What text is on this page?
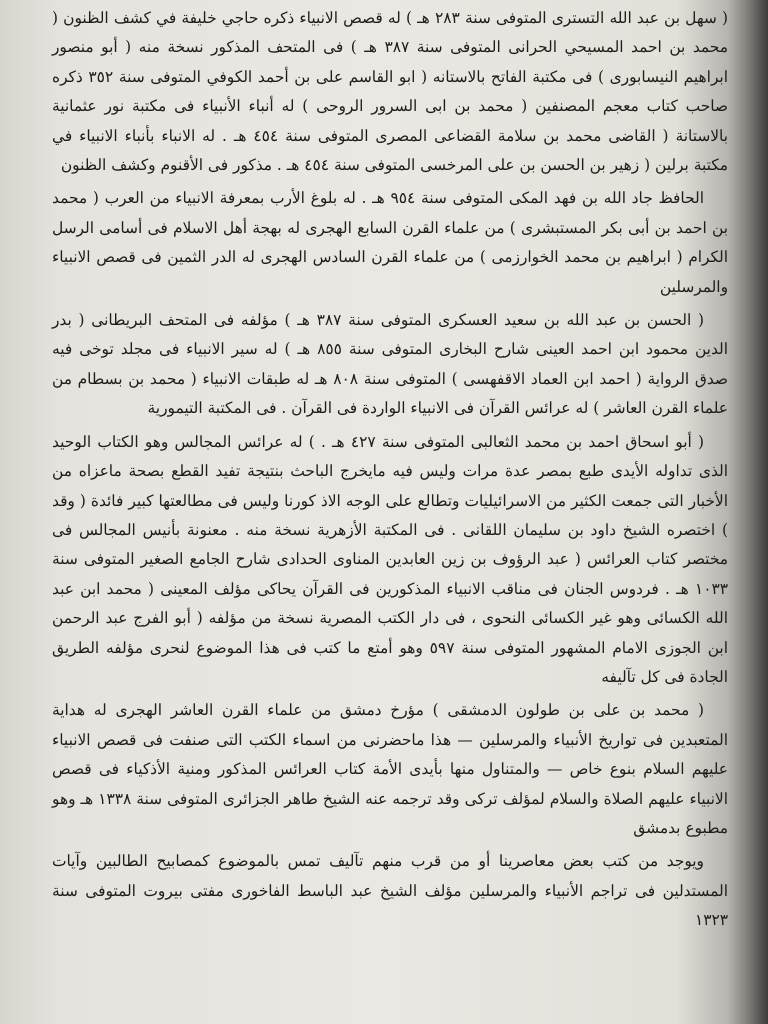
( سهل بن عبد الله التسترى المتوفى سنة ٢٨٣ هـ ) له قصص الانبياء ذكره حاجي خليفة في كشف الظنون ( محمد بن احمد المسيحي الحرانى المتوفى سنة ٣٨٧ هـ ) فى المتحف المذكور نسخة منه ( أبو منصور ابراهيم النيسابورى ) فى مكتبة الفاتح بالاستانه ( ابو القاسم على بن أحمد الكوفي المتوفى سنة ٣٥٢ ذكره صاحب كتاب معجم المصنفين ( محمد بن ابى السرور الروحى ) له أنباء الأنبياء فى مكتبة نور عثمانية بالاستانة ( القاضى محمد بن سلامة القضاعى المصرى المتوفى سنة ٤٥٤ هـ . له الانباء بأنباء الانبياء في مكتبة برلين ( زهير بن الحسن بن على المرخسى المتوفى سنة ٤٥٤ هـ . مذكور فى الأقنوم وكشف الظنون

الحافظ جاد الله بن فهد المكى المتوفى سنة ٩٥٤ هـ . له بلوغ الأرب بمعرفة الانبياء من العرب ( محمد بن احمد بن أبى بكر المستبشرى ) من علماء القرن السابع الهجرى له بهجة أهل الاسلام فى أسامى الرسل الكرام ( ابراهيم بن محمد الخوارزمى ) من علماء القرن السادس الهجرى له الدر الثمين فى قصص الانبياء والمرسلين

( الحسن بن عبد الله بن سعيد العسكرى المتوفى سنة ٣٨٧ هـ ) مؤلفه فى المتحف البريطانى ( بدر الدين محمود ابن احمد العينى شارح البخارى المتوفى سنة ٨٥٥ هـ ) له سير الانبياء فى مجلد توخى فيه صدق الرواية ( احمد ابن العماد الاقفهسى ) المتوفى سنة ٨٠٨ هـ له طبقات الانبياء ( محمد بن بسطام من علماء القرن العاشر ) له عرائس القرآن فى الانبياء الواردة فى القرآن . فى المكتبة التيمورية

( أبو اسحاق احمد بن محمد الثعالبى المتوفى سنة ٤٢٧ هـ . ) له عرائس المجالس وهو الكتاب الوحيد الذى تداوله الأيدى طبع بمصر عدة مرات وليس فيه مايخرج الباحث بنتيجة تفيد القطع بصحة ماعزاه من الأخبار التى جمعت الكثير من الاسرائيليات وتطالع على الوجه الاذ كورنا وليس فى مطالعتها كبير فائدة ( وقد ) اختصره الشيخ داود بن سليمان اللقانى . فى المكتبة الأزهرية نسخة منه . معنونة بأنيس المجالس فى مختصر كتاب العرائس ( عبد الرؤوف بن زين العابدين المناوى الحدادى شارح الجامع الصغير المتوفى سنة ١٠٣٣ هـ . فردوس الجنان فى مناقب الانبياء المذكورين فى القرآن يحاكى مؤلف المعينى ( محمد ابن عبد الله الكسائى وهو غير الكسائى النحوى ، فى دار الكتب المصرية نسخة من مؤلفه ( أبو الفرج عبد الرحمن ابن الجوزى الامام المشهور المتوفى سنة ٥٩٧ وهو أمتع ما كتب فى هذا الموضوع لنحرى مؤلفه الطريق الجادة فى كل تآليفه

( محمد بن على بن طولون الدمشقى ) مؤرخ دمشق من علماء القرن العاشر الهجرى له هداية المتعبدين فى تواريخ الأنبياء والمرسلين — هذا ماحضرنى من اسماء الكتب التى صنفت فى قصص الانبياء عليهم السلام بنوع خاص — والمتناول منها بأيدى الأمة كتاب العرائس المذكور ومنية الأذكياء فى قصص الانبياء عليهم الصلاة والسلام لمؤلف تركى وقد ترجمه عنه الشيخ طاهر الجزائرى المتوفى سنة ١٣٣٨ هـ وهو مطبوع بدمشق

ويوجد من كتب بعض معاصرينا أو من قرب منهم تآليف تمس بالموضوع كمصابيح الطالبين وآيات المستدلين فى تراجم الأنبياء والمرسلين مؤلف الشيخ عبد الباسط الفاخورى مفتى بيروت المتوفى سنة ١٣٢٣
